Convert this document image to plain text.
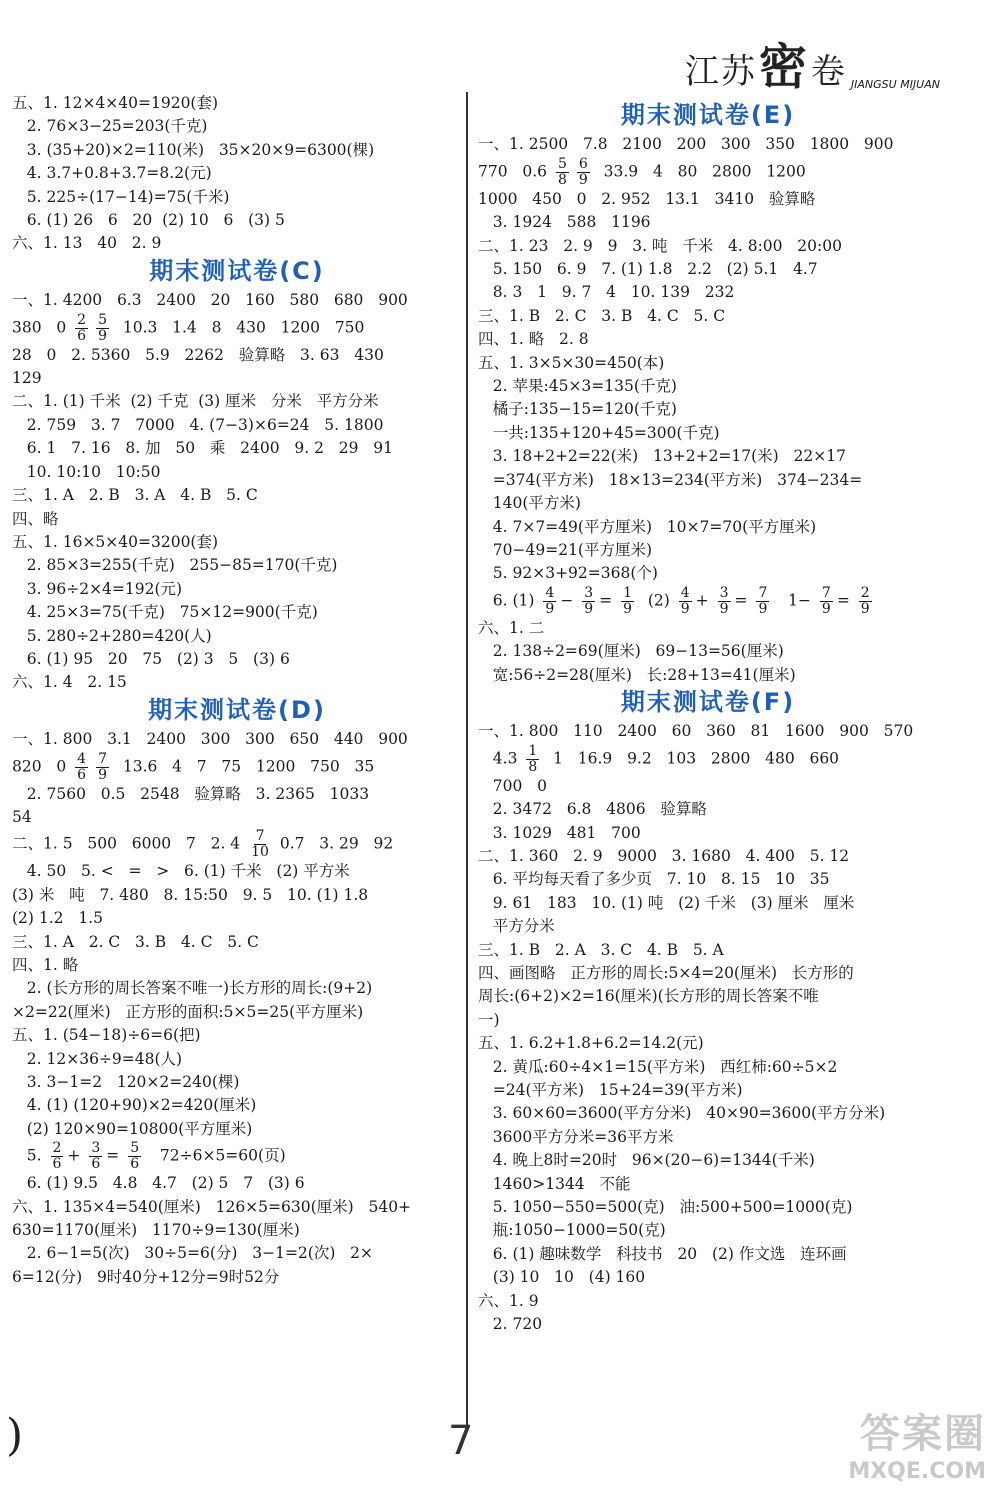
江苏密卷 JIANGSU MIJUAN
五、1. 12×4×40=1920(套)
2. 76×3−25=203(千克)
3. (35+20)×2=110(米)   35×20×9=6300(棵)
4. 3.7+0.8+3.7=8.2(元)
5. 225÷(17−14)=75(千米)
6. (1) 26   6   20  (2) 10   6   (3) 5
六、1. 13   40   2. 9
期末测试卷(C)
一、1. 4200   6.3   2400   20   160   580   680   900
380   $0 \frac{2}{6} \frac{5}{9} 10.3$   1.4   8   430   1200   750
28   0   2. 5360   5.9   2262   验算略   3. 63   430
129
二、1. (1) 千米  (2) 千克  (3) 厘米   分米   平方分米
2. 759   3. 7   7000   4. (7−3)×6=24   5. 1800
6. 1   7. 16   8. 加   50   乘   2400   9. 2   29   91
10. 10:10   10:50
三、1. A   2. B   3. A   4. B   5. C
四、略
五、1. 16×5×40=3200(套)
2. 85×3=255(千克)   255−85=170(千克)
3. 96÷2×4=192(元)
4. 25×3=75(千克)   75×12=900(千克)
5. 280÷2+280=420(人)
6. (1) 95   20   75   (2) 3   5   (3) 6
六、1. 4   2. 15
期末测试卷(D)
一、1. 800   3.1   2400   300   300   650   440   900
820   $0 \frac{4}{6} \frac{7}{9} 13.6$   4   7   75   1200   750   35
2. 7560   0.5   2548   验算略   3. 2365   1033
54
二、1. 5   500   6000   7   2. $4 \frac{7}{10} 0.7$   3. 29   92
4. 50   5. <   =   >   6. (1) 千米   (2) 平方米
(3) 米   吨   7. 480   8. 15:50   9. 5   10. (1) 1.8
(2) 1.2   1.5
三、1. A   2. C   3. B   4. C   5. C
四、1. 略
2. (长方形的周长答案不唯一)长方形的周长:(9+2)
×2=22(厘米)   正方形的面积:5×5=25(平方厘米)
五、1. (54−18)÷6=6(把)
2. 12×36÷9=48(人)
3. 3−1=2   120×2=240(棵)
4. (1) (120+90)×2=420(厘米)
(2) 120×90=10800(平方厘米)
5. $\frac{2}{6} + \frac{3}{6} = \frac{5}{6} 72\div 6\times 5=60$(页)
6. (1) 9.5   4.8   4.7   (2) 5   7   (3) 6
六、1. 135×4=540(厘米)   126×5=630(厘米)   540+
630=1170(厘米)   1170÷9=130(厘米)
2. 6−1=5(次)   30÷5=6(分)   3−1=2(次)   2×
6=12(分)   9时40分+12分=9时52分
期末测试卷(E)
一、1. 2500   7.8   2100   200   300   350   1800   900
770   $0.6 \frac{5}{8} \frac{6}{9} 33.9$   4   80   2800   1200
1000   450   0   2. 952   13.1   3410   验算略
3. 1924   588   1196
二、1. 23   2. 9   9   3. 吨   千米   4. 8:00   20:00
5. 150   6. 9   7. (1) 1.8   2.2   (2) 5.1   4.7
8. 3   1   9. 7   4   10. 139   232
三、1. B   2. C   3. B   4. C   5. C
四、1. 略   2. 8
五、1. 3×5×30=450(本)
2. 苹果:45×3=135(千克)
橘子:135−15=120(千克)
一共:135+120+45=300(千克)
3. 18+2+2=22(米)   13+2+2=17(米)   22×17
=374(平方米)   18×13=234(平方米)   374−234=
140(平方米)
4. 7×7=49(平方厘米)   10×7=70(平方厘米)
70−49=21(平方厘米)
5. 92×3+92=368(个)
6. $(1) \frac{4}{9} - \frac{3}{9} = \frac{1}{9} (2) \frac{4}{9} + \frac{3}{9} = \frac{7}{9} 1- \frac{7}{9} = \frac{2}{9}$
六、1. 二
2. 138÷2=69(厘米)   69−13=56(厘米)
宽:56÷2=28(厘米)   长:28+13=41(厘米)
期末测试卷(F)
一、1. 800   110   2400   60   360   81   1600   900   570
$4.3 \frac{1}{8} 1$   16.9   9.2   103   2800   480   660
700   0
2. 3472   6.8   4806   验算略
3. 1029   481   700
二、1. 360   2. 9   9000   3. 1680   4. 400   5. 12
6. 平均每天看了多少页   7. 10   8. 15   10   35
9. 61   183   10. (1) 吨   (2) 千米   (3) 厘米   厘米
平方分米
三、1. B   2. A   3. C   4. B   5. A
四、画图略   正方形的周长:5×4=20(厘米)   长方形的
周长:(6+2)×2=16(厘米)(长方形的周长答案不唯
一)
五、1. 6.2+1.8+6.2=14.2(元)
2. 黄瓜:60÷4×1=15(平方米)   西红柿:60÷5×2
=24(平方米)   15+24=39(平方米)
3. 60×60=3600(平方分米)   40×90=3600(平方分米)
3600平方分米=36平方米
4. 晚上8时=20时   96×(20−6)=1344(千米)
1460>1344   不能
5. 1050−550=500(克)   油:500+500=1000(克)
瓶:1050−1000=50(克)
6. (1) 趣味数学   科技书   20   (2) 作文选   连环画
(3) 10   10   (4) 160
六、1. 9
2. 720
7
)	答案圈
MXQE.COM
